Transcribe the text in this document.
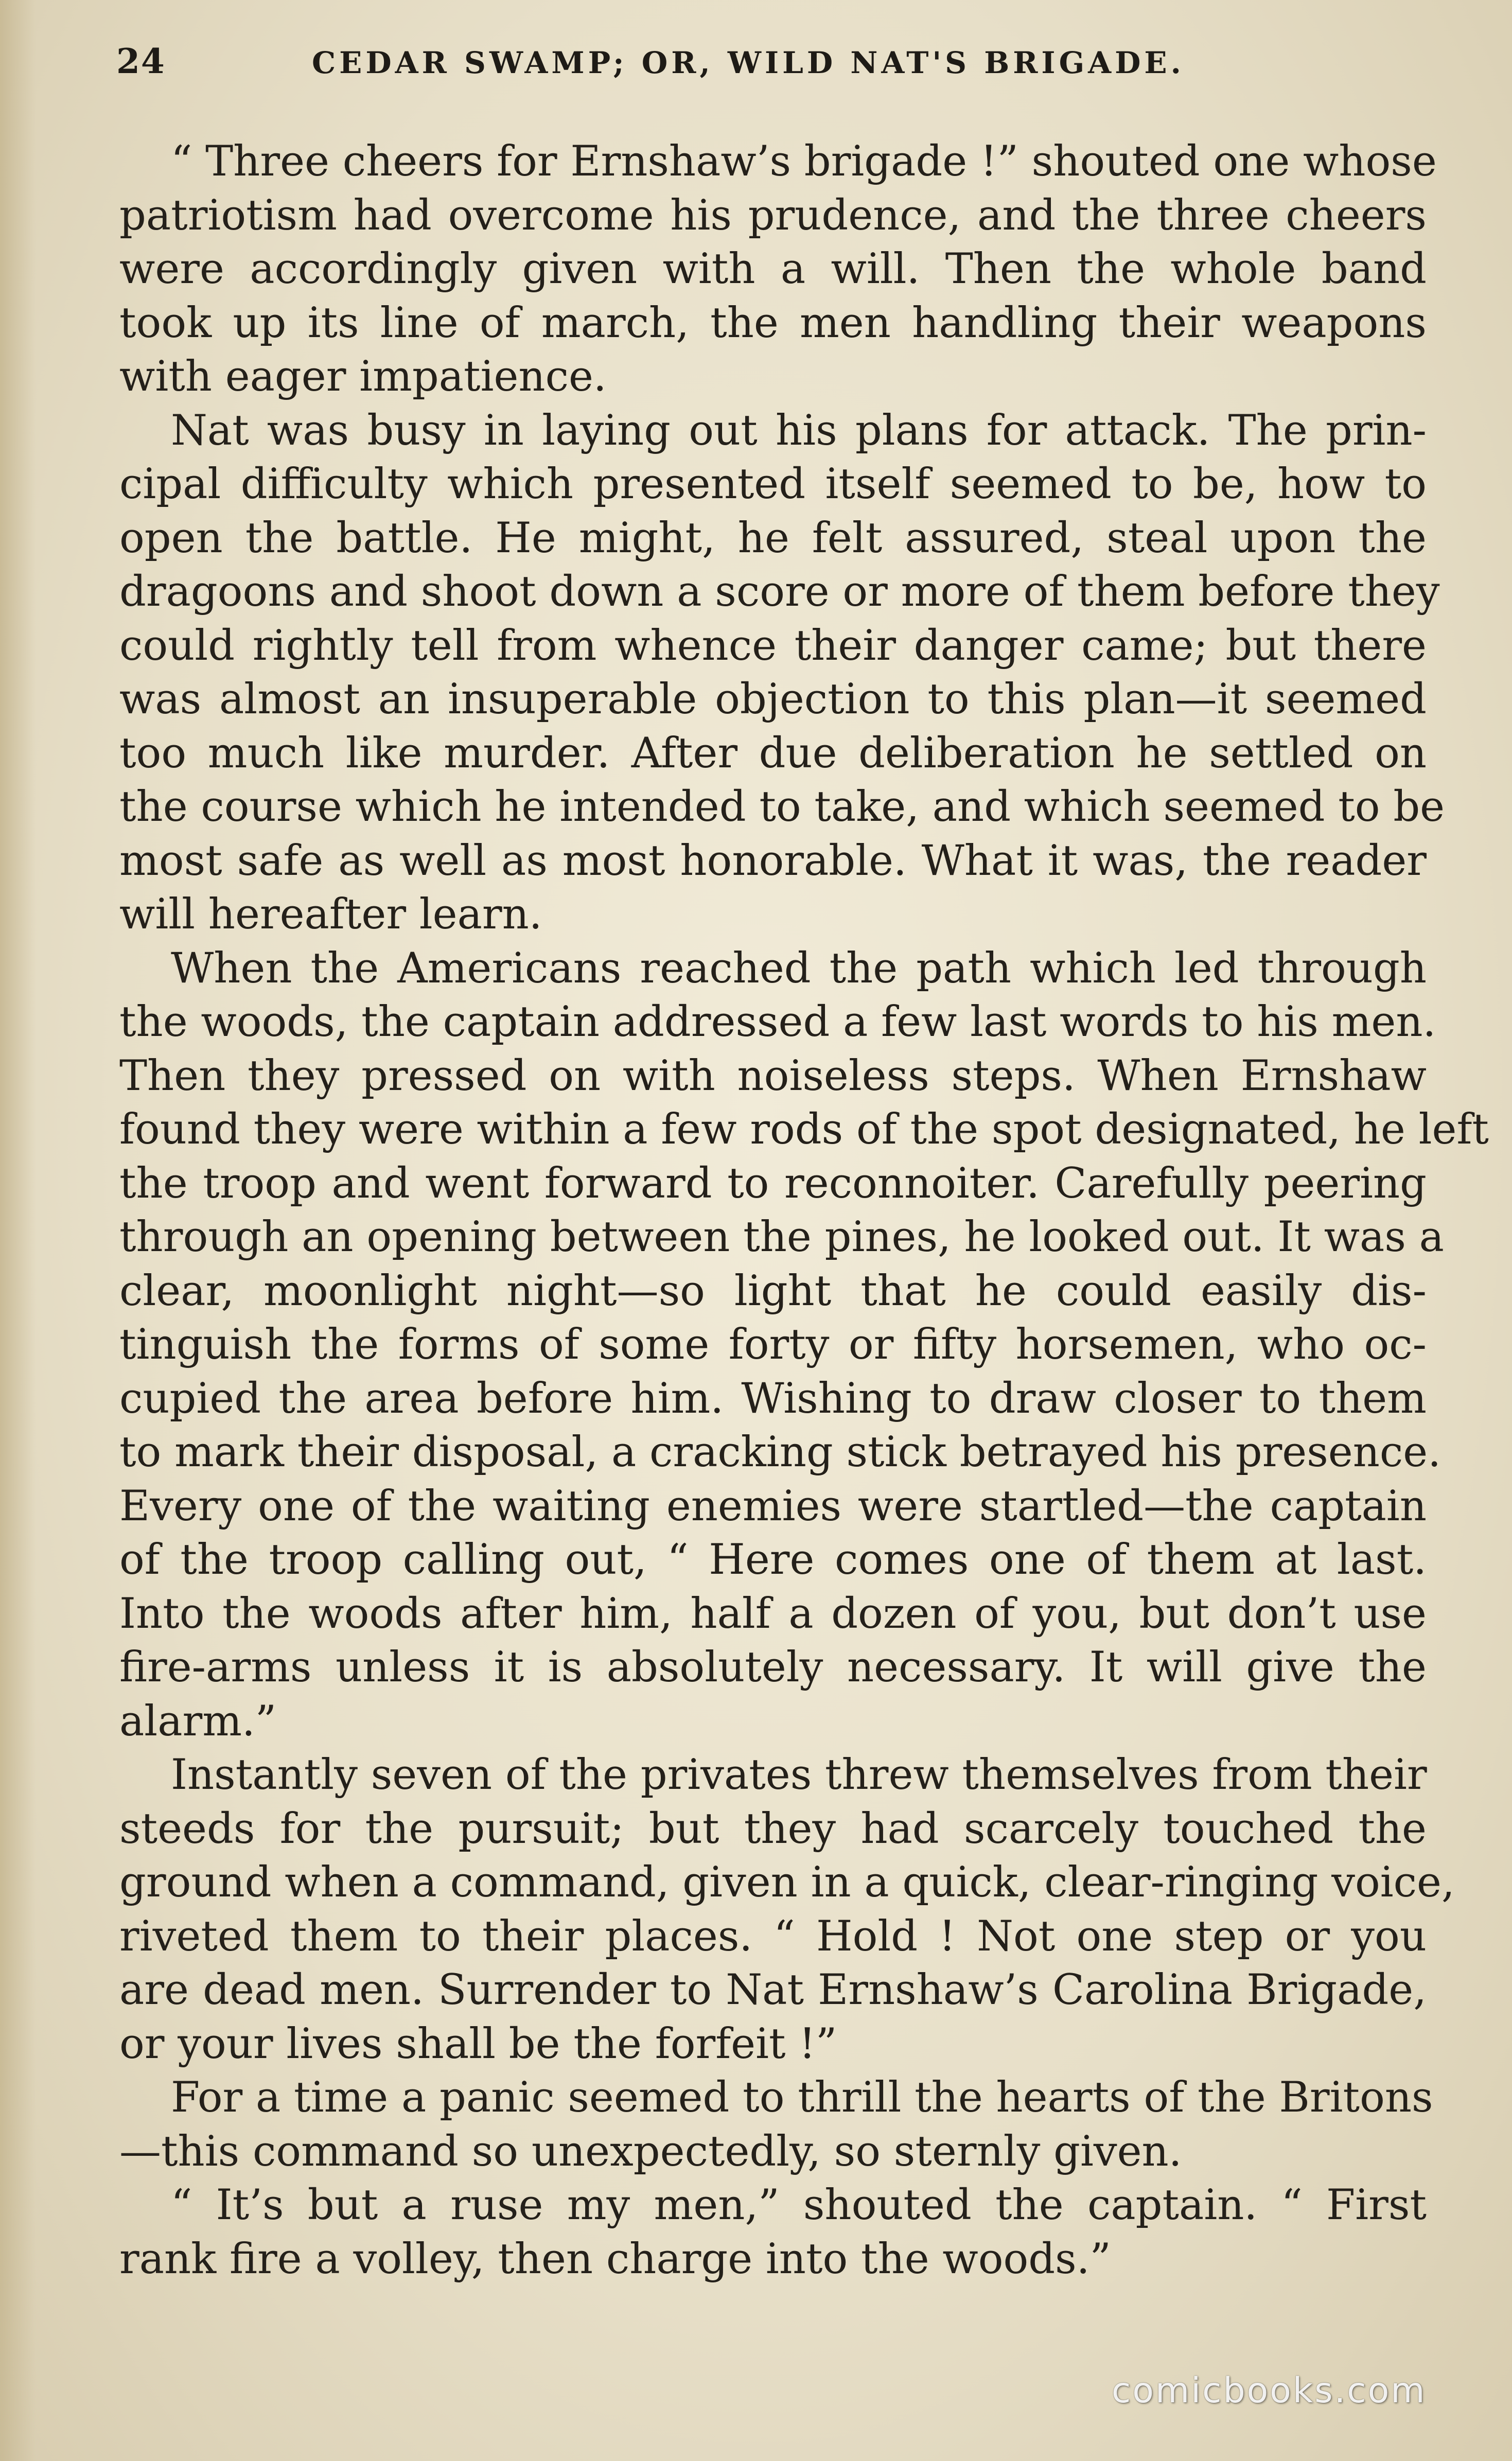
24	CEDAR SWAMP; OR, WILD NAT'S BRIGADE.
“ Three cheers for Ernshaw’s brigade !” shouted one whose
patriotism had overcome his prudence, and the three cheers
were accordingly given with a will. Then the whole band
took up its line of march, the men handling their weapons
with eager impatience.
Nat was busy in laying out his plans for attack. The prin-
cipal difficulty which presented itself seemed to be, how to
open the battle. He might, he felt assured, steal upon the
dragoons and shoot down a score or more of them before they
could rightly tell from whence their danger came; but there
was almost an insuperable objection to this plan—it seemed
too much like murder. After due deliberation he settled on
the course which he intended to take, and which seemed to be
most safe as well as most honorable. What it was, the reader
will hereafter learn.
When the Americans reached the path which led through
the woods, the captain addressed a few last words to his men.
Then they pressed on with noiseless steps. When Ernshaw
found they were within a few rods of the spot designated, he left
the troop and went forward to reconnoiter. Carefully peering
through an opening between the pines, he looked out. It was a
clear, moonlight night—so light that he could easily dis-
tinguish the forms of some forty or fifty horsemen, who oc-
cupied the area before him. Wishing to draw closer to them
to mark their disposal, a cracking stick betrayed his presence.
Every one of the waiting enemies were startled—the captain
of the troop calling out, “ Here comes one of them at last.
Into the woods after him, half a dozen of you, but don’t use
fire-arms unless it is absolutely necessary. It will give the
alarm.”
Instantly seven of the privates threw themselves from their
steeds for the pursuit; but they had scarcely touched the
ground when a command, given in a quick, clear-ringing voice,
riveted them to their places. “ Hold ! Not one step or you
are dead men. Surrender to Nat Ernshaw’s Carolina Brigade,
or your lives shall be the forfeit !”
For a time a panic seemed to thrill the hearts of the Britons
—this command so unexpectedly, so sternly given.
“ It’s but a ruse my men,” shouted the captain. “ First
rank fire a volley, then charge into the woods.”
comicbooks.com
